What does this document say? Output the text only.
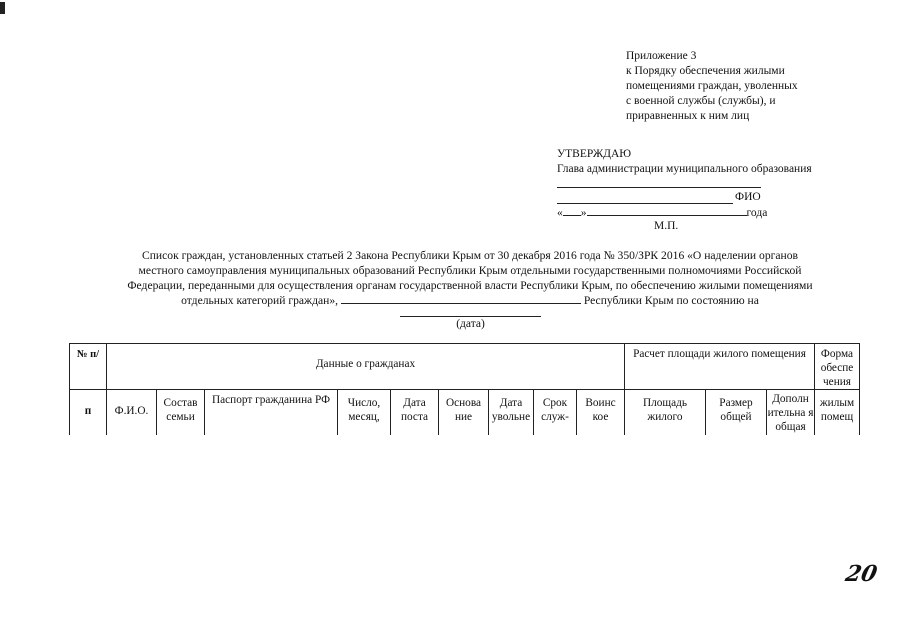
Приложение 3
к Порядку обеспечения жилыми
помещениями граждан, уволенных
с военной службы (службы), и
приравненных к ним лиц
УТВЕРЖДАЮ
Глава администрации муниципального образования
ФИО
« »	года
М.П.
Список граждан, установленных статьей 2 Закона Республики Крым от 30 декабря 2016 года № 350/ЗРК 2016 «О наделении органов
местного самоуправления муниципальных образований Республики Крым отдельными государственными полномочиями Российской
Федерации, переданными для осуществления органам государственной власти Республики Крым, по обеспечению жилыми помещениями
отдельных категорий граждан»,	Республики Крым по состоянию на
(дата)
№ п/	Данные о гражданах									Расчет площади жилого помещения			Форма обеспе чения

п	Ф.И.О.	Состав семьи	Паспорт гражданина РФ	Число, месяц,	Дата поста	Основа ние	Дата увольне	Срок служ-	Воинс кое	Площадь жилого	Размер общей	Дополн ительна я общая	жилым помещ
20
